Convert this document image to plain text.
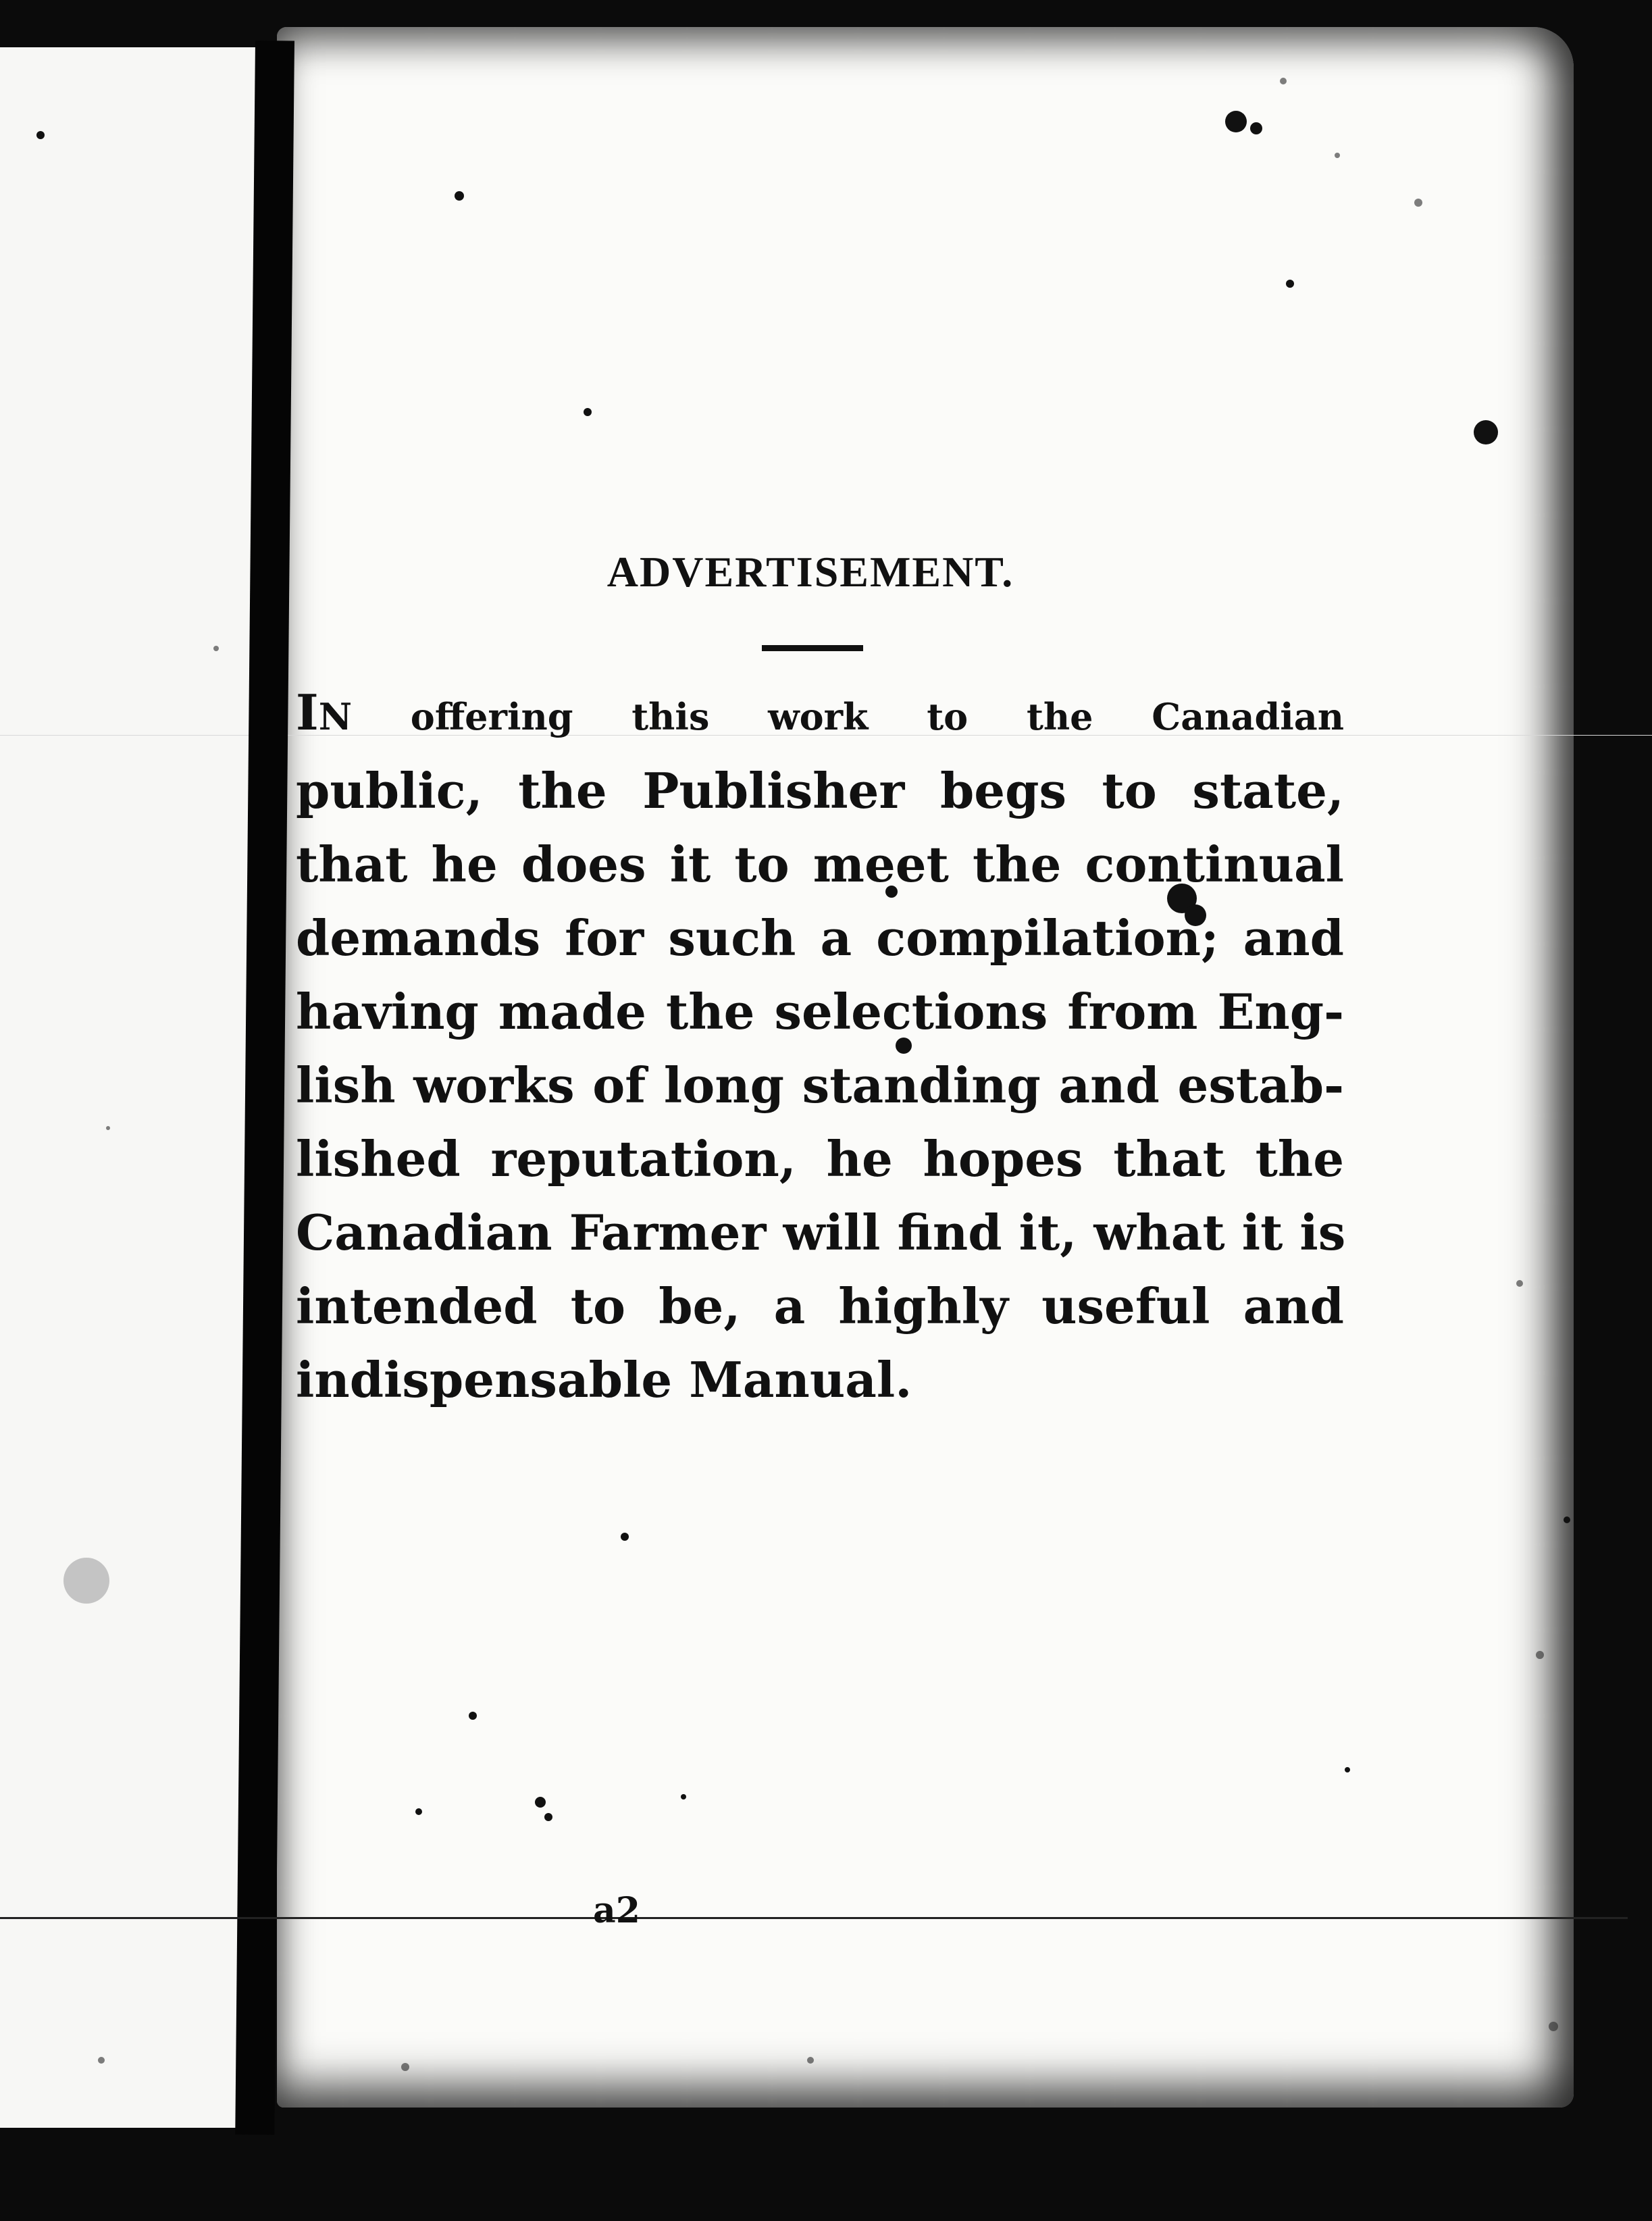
ADVERTISEMENT.
IN offering this work to the Canadian
public, the Publisher begs to state,
that he does it to meet the continual
demands for such a compilation; and
having made the selections from Eng-
lish works of long standing and estab-
lished reputation, he hopes that the
Canadian Farmer will find it, what it is
intended to be, a highly useful and
indispensable Manual.
a2
